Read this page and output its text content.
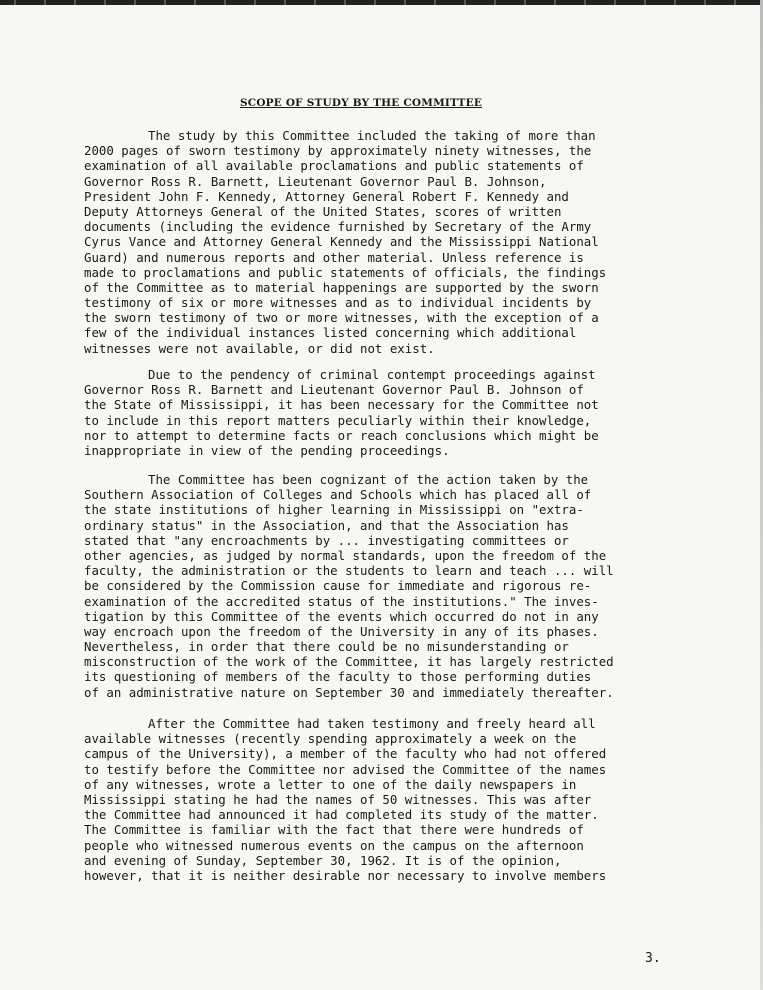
SCOPE OF STUDY BY THE COMMITTEE
The study by this Committee included the taking of more than
2000 pages of sworn testimony by approximately ninety witnesses, the
examination of all available proclamations and public statements of
Governor Ross R. Barnett, Lieutenant Governor Paul B. Johnson,
President John F. Kennedy, Attorney General Robert F. Kennedy and
Deputy Attorneys General of the United States, scores of written
documents (including the evidence furnished by Secretary of the Army
Cyrus Vance and Attorney General Kennedy and the Mississippi National
Guard) and numerous reports and other material. Unless reference is
made to proclamations and public statements of officials, the findings
of the Committee as to material happenings are supported by the sworn
testimony of six or more witnesses and as to individual incidents by
the sworn testimony of two or more witnesses, with the exception of a
few of the individual instances listed concerning which additional
witnesses were not available, or did not exist.
Due to the pendency of criminal contempt proceedings against
Governor Ross R. Barnett and Lieutenant Governor Paul B. Johnson of
the State of Mississippi, it has been necessary for the Committee not
to include in this report matters peculiarly within their knowledge,
nor to attempt to determine facts or reach conclusions which might be
inappropriate in view of the pending proceedings.
The Committee has been cognizant of the action taken by the
Southern Association of Colleges and Schools which has placed all of
the state institutions of higher learning in Mississippi on "extra-
ordinary status" in the Association, and that the Association has
stated that "any encroachments by ... investigating committees or
other agencies, as judged by normal standards, upon the freedom of the
faculty, the administration or the students to learn and teach ... will
be considered by the Commission cause for immediate and rigorous re-
examination of the accredited status of the institutions." The inves-
tigation by this Committee of the events which occurred do not in any
way encroach upon the freedom of the University in any of its phases.
Nevertheless, in order that there could be no misunderstanding or
misconstruction of the work of the Committee, it has largely restricted
its questioning of members of the faculty to those performing duties
of an administrative nature on September 30 and immediately thereafter.
After the Committee had taken testimony and freely heard all
available witnesses (recently spending approximately a week on the
campus of the University), a member of the faculty who had not offered
to testify before the Committee nor advised the Committee of the names
of any witnesses, wrote a letter to one of the daily newspapers in
Mississippi stating he had the names of 50 witnesses. This was after
the Committee had announced it had completed its study of the matter.
The Committee is familiar with the fact that there were hundreds of
people who witnessed numerous events on the campus on the afternoon
and evening of Sunday, September 30, 1962. It is of the opinion,
however, that it is neither desirable nor necessary to involve members
3.
